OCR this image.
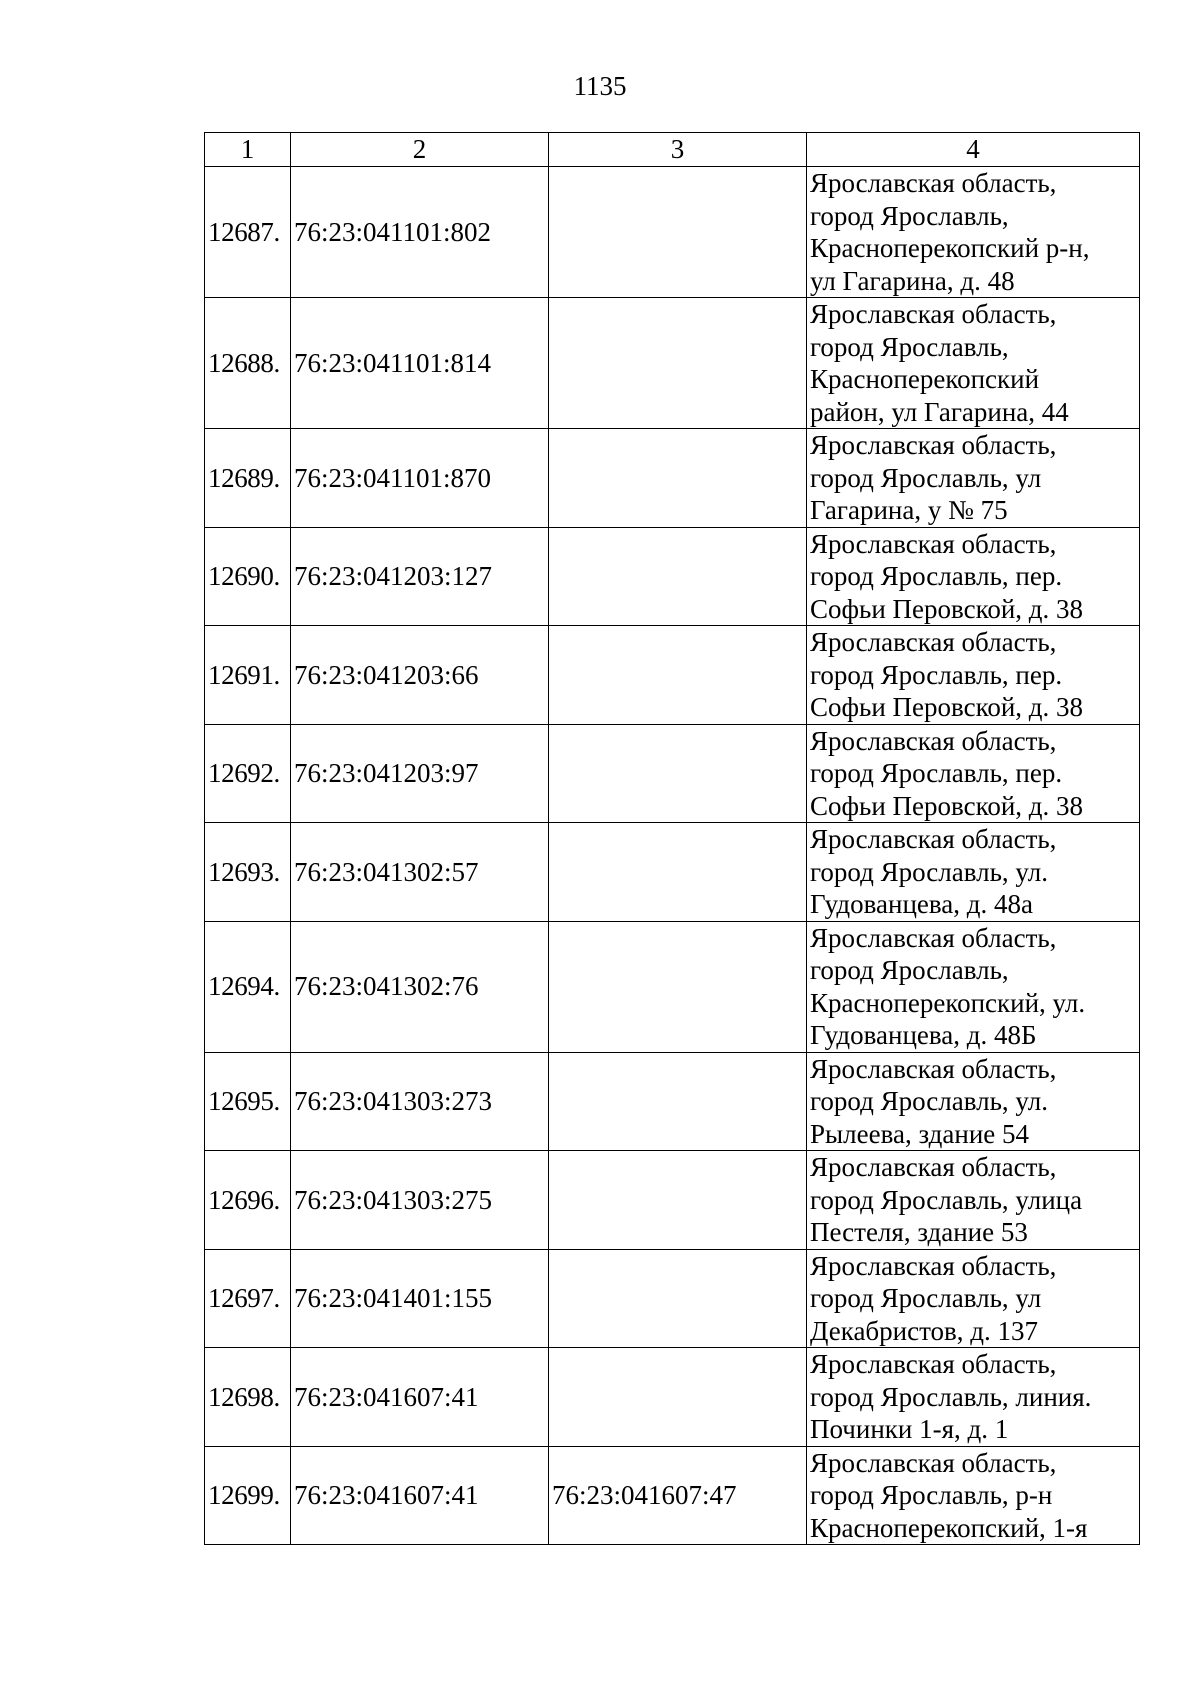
1135
1	2	3	4
12687.	76:23:041101:802		Ярославская область,
город Ярославль,
Красноперекопский р-н,
ул Гагарина, д. 48
12688.	76:23:041101:814		Ярославская область,
город Ярославль,
Красноперекопский
район, ул Гагарина, 44
12689.	76:23:041101:870		Ярославская область,
город Ярославль, ул
Гагарина, у № 75
12690.	76:23:041203:127		Ярославская область,
город Ярославль, пер.
Софьи Перовской, д. 38
12691.	76:23:041203:66		Ярославская область,
город Ярославль, пер.
Софьи Перовской, д. 38
12692.	76:23:041203:97		Ярославская область,
город Ярославль, пер.
Софьи Перовской, д. 38
12693.	76:23:041302:57		Ярославская область,
город Ярославль, ул.
Гудованцева, д. 48а
12694.	76:23:041302:76		Ярославская область,
город Ярославль,
Красноперекопский, ул.
Гудованцева, д. 48Б
12695.	76:23:041303:273		Ярославская область,
город Ярославль, ул.
Рылеева, здание 54
12696.	76:23:041303:275		Ярославская область,
город Ярославль, улица
Пестеля, здание 53
12697.	76:23:041401:155		Ярославская область,
город Ярославль, ул
Декабристов, д. 137
12698.	76:23:041607:41		Ярославская область,
город Ярославль, линия.
Починки 1-я, д. 1
12699.	76:23:041607:41	76:23:041607:47	Ярославская область,
город Ярославль, р-н
Красноперекопский, 1-я
